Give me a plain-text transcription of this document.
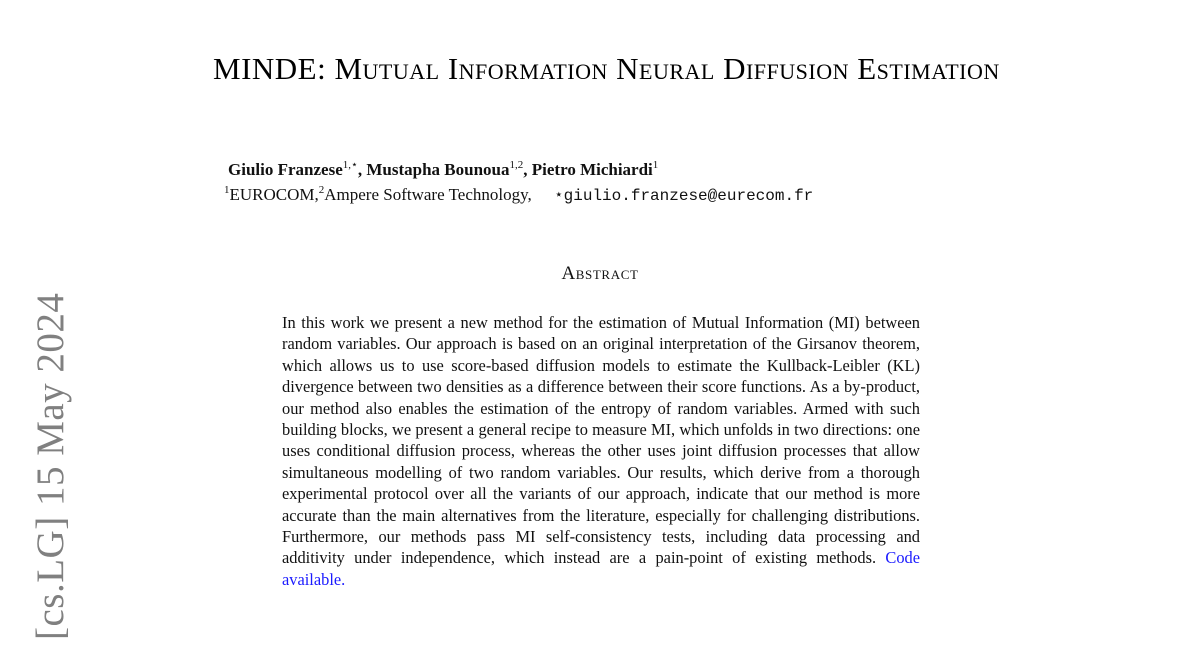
[cs.LG] 15 May 2024
MINDE: Mutual Information Neural Diffusion Estimation
Giulio Franzese$^{1,⋆}$, Mustapha Bounoua$^{1,2}$, Pietro Michiardi$^1$
$^1$EUROCOM,$^2$Ampere Software Technology, ⋆giulio.franzese@eurecom.fr
Abstract
In this work we present a new method for the estimation of Mutual Information (MI) between random variables. Our approach is based on an original interpretation of the Girsanov theorem, which allows us to use score-based diffusion models to estimate the Kullback-Leibler (KL) divergence between two densities as a difference between their score functions. As a by-product, our method also enables the estimation of the entropy of random variables. Armed with such building blocks, we present a general recipe to measure MI, which unfolds in two directions: one uses conditional diffusion process, whereas the other uses joint diffusion processes that allow simultaneous modelling of two random variables. Our results, which derive from a thorough experimental protocol over all the variants of our approach, indicate that our method is more accurate than the main alternatives from the literature, especially for challenging distributions. Furthermore, our methods pass MI self-consistency tests, including data processing and additivity under independence, which instead are a pain-point of existing methods. Code available.
